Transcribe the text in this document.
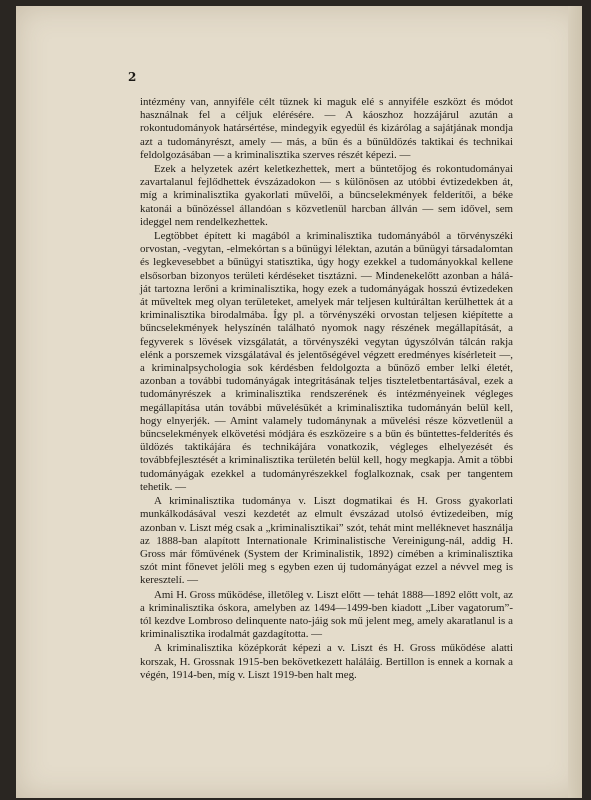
2

intézmény van, annyiféle célt tűznek ki maguk elé s annyiféle eszközt és módot használnak fel a céljuk elérésére. — A káoszhoz hozzájárul azután a rokontudományok határsértése, mindegyik egyedül és kizárólag a sajátjának mondja azt a tudományrészt, amely — más, a bűn és a bűnüldözés taktikai és technikai feldolgozásában — a kriminalisztika szerves részét képezi. —

Ezek a helyzetek azért keletkezhettek, mert a büntetőjog és rokontudományai zavartalanul fejlődhettek évszázadokon — s különösen az utóbbi évtizedekben át, míg a kriminalisztika gyakorlati művelői, a bűncselekmények felderítői, a béke katonái a bűnözéssel állandóan s közvetlenül harcban állván — sem idővel, sem ideggel nem rendelkezhettek.

Legtöbbet épített ki magából a kriminalisztika tudományából a törvényszéki orvostan, -vegytan, -elmekórtan s a bűnügyi lélektan, azután a bűnügyi társadalomtan és legkevesebbet a bűnügyi statisztika, úgy hogy ezekkel a tudományokkal kellene elsősorban bizonyos területi kérdéseket tisztázni. — Mindenekelőtt azonban a hálá-ját tartozna lerőni a kriminalisztika, hogy ezek a tudományágak hosszú évtizedeken át műveltek meg olyan területeket, amelyek már teljesen kultúráltan kerülhettek át a kriminalisztika birodalmába. Így pl. a törvényszéki orvostan teljesen kiépítette a bűncselekmények helyszínén található nyomok nagy részének megállapítását, a fegyverek s lövések vizsgálatát, a törvényszéki vegytan úgyszólván tálcán rakja elénk a porszemek vizsgálatával és jelentőségével végzett eredményes kísérleteit —, a kriminalpsychologia sok kérdésben feldolgozta a bűnöző ember lelki életét, azonban a további tudományágak integritásának teljes tiszteletbentartásával, ezek a tudományrészek a kriminalisztika rendszerének és intézményeinek végleges megállapítása után további művelésükét a kriminalisztika tudományán belül kell, hogy elnyerjék. — Amint valamely tudománynak a művelési része közvetlenül a bűncselekmények elkövetési módjára és eszközeire s a bűn és bűntettes-felderítés és üldözés taktikájára és technikájára vonatkozik, végleges elhelyezését és továbbfejlesztését a kriminalisztika területén belül kell, hogy megkapja. Amit a többi tudományágak ezekkel a tudományrészekkel foglalkoznak, csak per tangentem tehetik. —

A kriminalisztika tudománya v. Liszt dogmatikai és H. Gross gyakorlati munkálkodásával veszi kezdetét az elmult évszázad utolsó évtizedeiben, míg azonban v. Liszt még csak a „kriminalisztikai” szót, tehát mint melléknevet használja az 1888-ban alapított Internationale Kriminalistische Vereinigung-nál, addig H. Gross már főművének (System der Kriminalistik, 1892) címében a kriminalisztika szót mint főnevet jelöli meg s egyben ezen új tudományágat ezzel a névvel meg is keresztelí. —

Ami H. Gross működése, illetőleg v. Liszt előtt — tehát 1888—1892 előtt volt, az a kriminalisztika óskora, amelyben az 1494—1499-ben kiadott „Liber vagatorum”-tól kezdve Lombroso delinquente nato-jáig sok mű jelent meg, amely akaratlanul is a kriminalisztika irodalmát gazdagította. —

A kriminalisztika középkorát képezi a v. Liszt és H. Gross működése alatti korszak, H. Grossnak 1915-ben bekövetkezett haláláig. Bertillon is ennek a kornak a végén, 1914-ben, míg v. Liszt 1919-ben halt meg.
